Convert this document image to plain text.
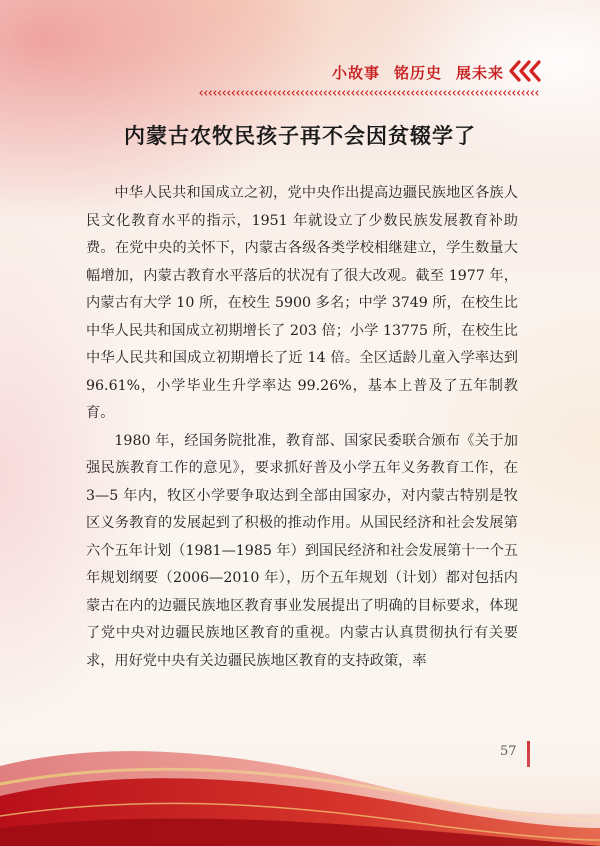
小故事 铭历史 展未来
内蒙古农牧民孩子再不会因贫辍学了

中华人民共和国成立之初，党中央作出提高边疆民族地区各族人民文化教育水平的指示，1951 年就设立了少数民族发展教育补助费。在党中央的关怀下，内蒙古各级各类学校相继建立，学生数量大幅增加，内蒙古教育水平落后的状况有了很大改观。截至 1977 年，内蒙古有大学 10 所，在校生 5900 多名；中学 3749 所，在校生比中华人民共和国成立初期增长了 203 倍；小学 13775 所，在校生比中华人民共和国成立初期增长了近 14 倍。全区适龄儿童入学率达到 96.61%，小学毕业生升学率达 99.26%，基本上普及了五年制教育。

1980 年，经国务院批准，教育部、国家民委联合颁布《关于加强民族教育工作的意见》，要求抓好普及小学五年义务教育工作，在 3—5 年内，牧区小学要争取达到全部由国家办，对内蒙古特别是牧区义务教育的发展起到了积极的推动作用。从国民经济和社会发展第六个五年计划（1981—1985 年）到国民经济和社会发展第十一个五年规划纲要（2006—2010 年），历个五年规划（计划）都对包括内蒙古在内的边疆民族地区教育事业发展提出了明确的目标要求，体现了党中央对边疆民族地区教育的重视。内蒙古认真贯彻执行有关要求，用好党中央有关边疆民族地区教育的支持政策，率
